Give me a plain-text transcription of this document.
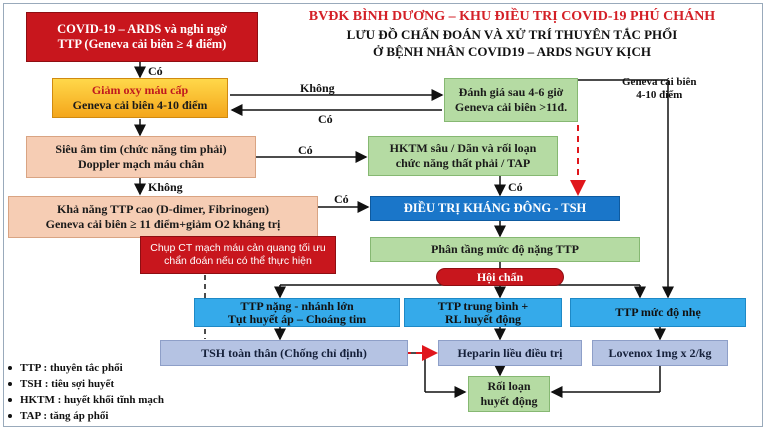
BVĐK BÌNH DƯƠNG – KHU ĐIỀU TRỊ COVID-19 PHÚ CHÁNH
LƯU ĐỒ CHẨN ĐOÁN VÀ XỬ TRÍ THUYÊN TẮC PHỔI
Ở BỆNH NHÂN COVID19 – ARDS NGUY KỊCH
COVID-19 – ARDS và nghi ngờ
TTP (Geneva cải biên ≥ 4 điểm)
Giảm oxy máu cấp
Geneva cải biên 4-10 điểm
Đánh giá sau 4-6 giờ
Geneva cải biên >11đ.
Siêu âm tim (chức năng tim phải)
Doppler mạch máu chân
HKTM sâu / Dãn và rối loạn
chức năng thất phải / TAP
Khả năng TTP cao (D-dimer, Fibrinogen)
Geneva cải biên ≥ 11 điểm+giảm O2 kháng trị
Chụp CT mạch máu cản quang tối ưu
chẩn đoán nếu có thể thực hiện
ĐIỀU TRỊ KHÁNG ĐÔNG - TSH
Phân tầng mức độ nặng TTP
Hội chẩn
TTP nặng - nhánh lớn
Tụt huyết áp – Choáng tim
TTP trung bình +
RL huyết động	TTP mức độ nhẹ
TSH toàn thân (Chống chỉ định)	Heparin liều điều trị	Lovenox 1mg x 2/kg
Rối loạn
huyết động
Có
Không
Có
Geneva cải biên
4-10 điểm
Có
Không	Có
Có
TTP : thuyên tắc phổi
TSH : tiêu sợi huyết
HKTM : huyết khối tĩnh mạch
TAP : tăng áp phổi
